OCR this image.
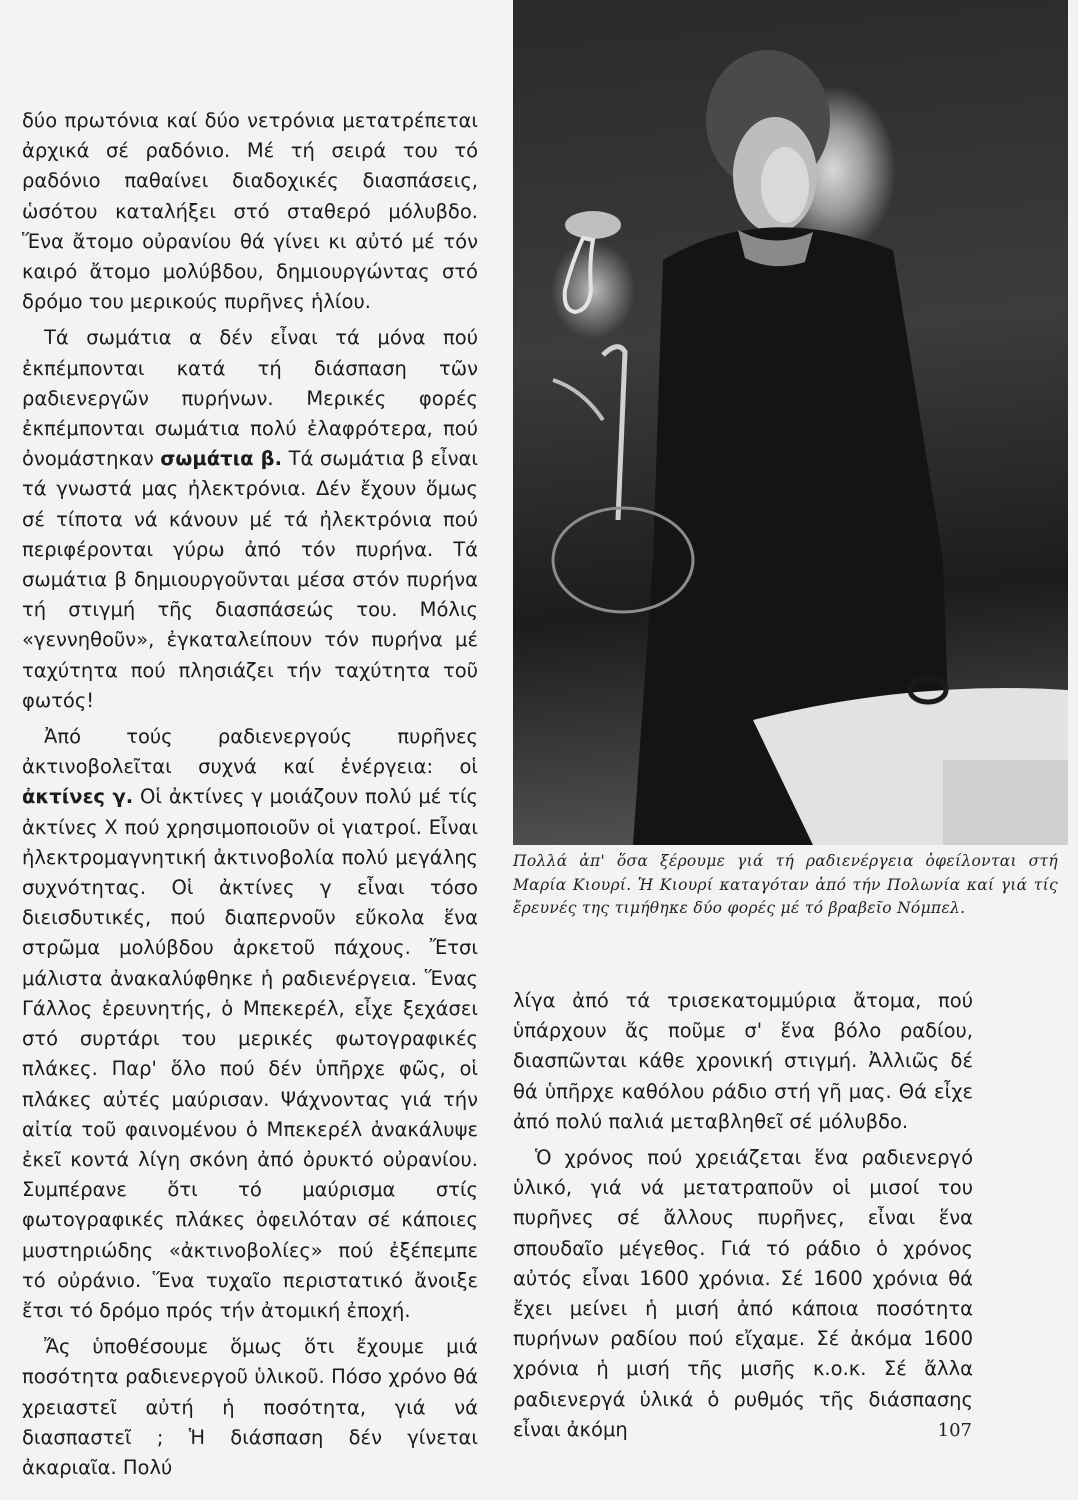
δύο πρωτόνια καί δύο νετρόνια μετατρέπεται ἀρχικά σέ ραδόνιο. Μέ τή σειρά του τό ραδόνιο παθαίνει διαδοχικές διασπάσεις, ὡσότου καταλήξει στό σταθερό μόλυβδο. Ἕνα ἄτομο οὐρανίου θά γίνει κι αὐτό μέ τόν καιρό ἄτομο μολύβδου, δημιουργώντας στό δρόμο του μερικούς πυρῆνες ἡλίου.

Τά σωμάτια α δέν εἶναι τά μόνα πού ἐκπέμπονται κατά τή διάσπαση τῶν ραδιενεργῶν πυρήνων. Μερικές φορές ἐκπέμπονται σωμάτια πολύ ἐλαφρότερα, πού ὀνομάστηκαν σωμάτια β. Τά σωμάτια β εἶναι τά γνωστά μας ἠλεκτρόνια. Δέν ἔχουν ὅμως σέ τίποτα νά κάνουν μέ τά ἠλεκτρόνια πού περιφέρονται γύρω ἀπό τόν πυρήνα. Τά σωμάτια β δημιουργοῦνται μέσα στόν πυρήνα τή στιγμή τῆς διασπάσεώς του. Μόλις «γεννηθοῦν», ἐγκαταλείπουν τόν πυρήνα μέ ταχύτητα πού πλησιάζει τήν ταχύτητα τοῦ φωτός!

Ἀπό τούς ραδιενεργούς πυρῆνες ἀκτινοβολεῖται συχνά καί ἐνέργεια: οἱ ἀκτίνες γ. Οἱ ἀκτίνες γ μοιάζουν πολύ μέ τίς ἀκτίνες Χ πού χρησιμοποιοῦν οἱ γιατροί. Εἶναι ἠλεκτρομαγνητική ἀκτινοβολία πολύ μεγάλης συχνότητας. Οἱ ἀκτίνες γ εἶναι τόσο διεισδυτικές, πού διαπερνοῦν εὔκολα ἕνα στρῶμα μολύβδου ἀρκετοῦ πάχους. Ἔτσι μάλιστα ἀνακαλύφθηκε ἡ ραδιενέργεια. Ἕνας Γάλλος ἐρευνητής, ὁ Μπεκερέλ, εἶχε ξεχάσει στό συρτάρι του μερικές φωτογραφικές πλάκες. Παρ' ὅλο πού δέν ὑπῆρχε φῶς, οἱ πλάκες αὐτές μαύρισαν. Ψάχνοντας γιά τήν αἰτία τοῦ φαινομένου ὁ Μπεκερέλ ἀνακάλυψε ἐκεῖ κοντά λίγη σκόνη ἀπό ὀρυκτό οὐρανίου. Συμπέρανε ὅτι τό μαύρισμα στίς φωτογραφικές πλάκες ὀφειλόταν σέ κάποιες μυστηριώδης «ἀκτινοβολίες» πού ἐξέπεμπε τό οὐράνιο. Ἕνα τυχαῖο περιστατικό ἄνοιξε ἔτσι τό δρόμο πρός τήν ἀτομική ἐποχή.

Ἄς ὑποθέσουμε ὅμως ὅτι ἔχουμε μιά ποσότητα ραδιενεργοῦ ὑλικοῦ. Πόσο χρόνο θά χρειαστεῖ αὐτή ἡ ποσότητα, γιά νά διασπαστεῖ ; Ἡ διάσπαση δέν γίνεται ἀκαριαῖα. Πολύ

Πολλά ἀπ' ὅσα ξέρουμε γιά τή ραδιενέργεια ὀφείλονται στή Μαρία Κιουρί. Ἡ Κιουρί καταγόταν ἀπό τήν Πολωνία καί γιά τίς ἔρευνές της τιμήθηκε δύο φορές μέ τό βραβεῖο Νόμπελ.

λίγα ἀπό τά τρισεκατομμύρια ἄτομα, πού ὑπάρχουν ἄς ποῦμε σ' ἕνα βόλο ραδίου, διασπῶνται κάθε χρονική στιγμή. Ἀλλιῶς δέ θά ὑπῆρχε καθόλου ράδιο στή γῆ μας. Θά εἶχε ἀπό πολύ παλιά μεταβληθεῖ σέ μόλυβδο.

Ὁ χρόνος πού χρειάζεται ἕνα ραδιενεργό ὑλικό, γιά νά μετατραποῦν οἱ μισοί του πυρῆνες σέ ἄλλους πυρῆνες, εἶναι ἕνα σπουδαῖο μέγεθος. Γιά τό ράδιο ὁ χρόνος αὐτός εἶναι 1600 χρόνια. Σέ 1600 χρόνια θά ἔχει μείνει ἡ μισή ἀπό κάποια ποσότητα πυρήνων ραδίου πού εἴχαμε. Σέ ἀκόμα 1600 χρόνια ἡ μισή τῆς μισῆς κ.ο.κ. Σέ ἄλλα ραδιενεργά ὑλικά ὁ ρυθμός τῆς διάσπασης εἶναι ἀκόμη	107
